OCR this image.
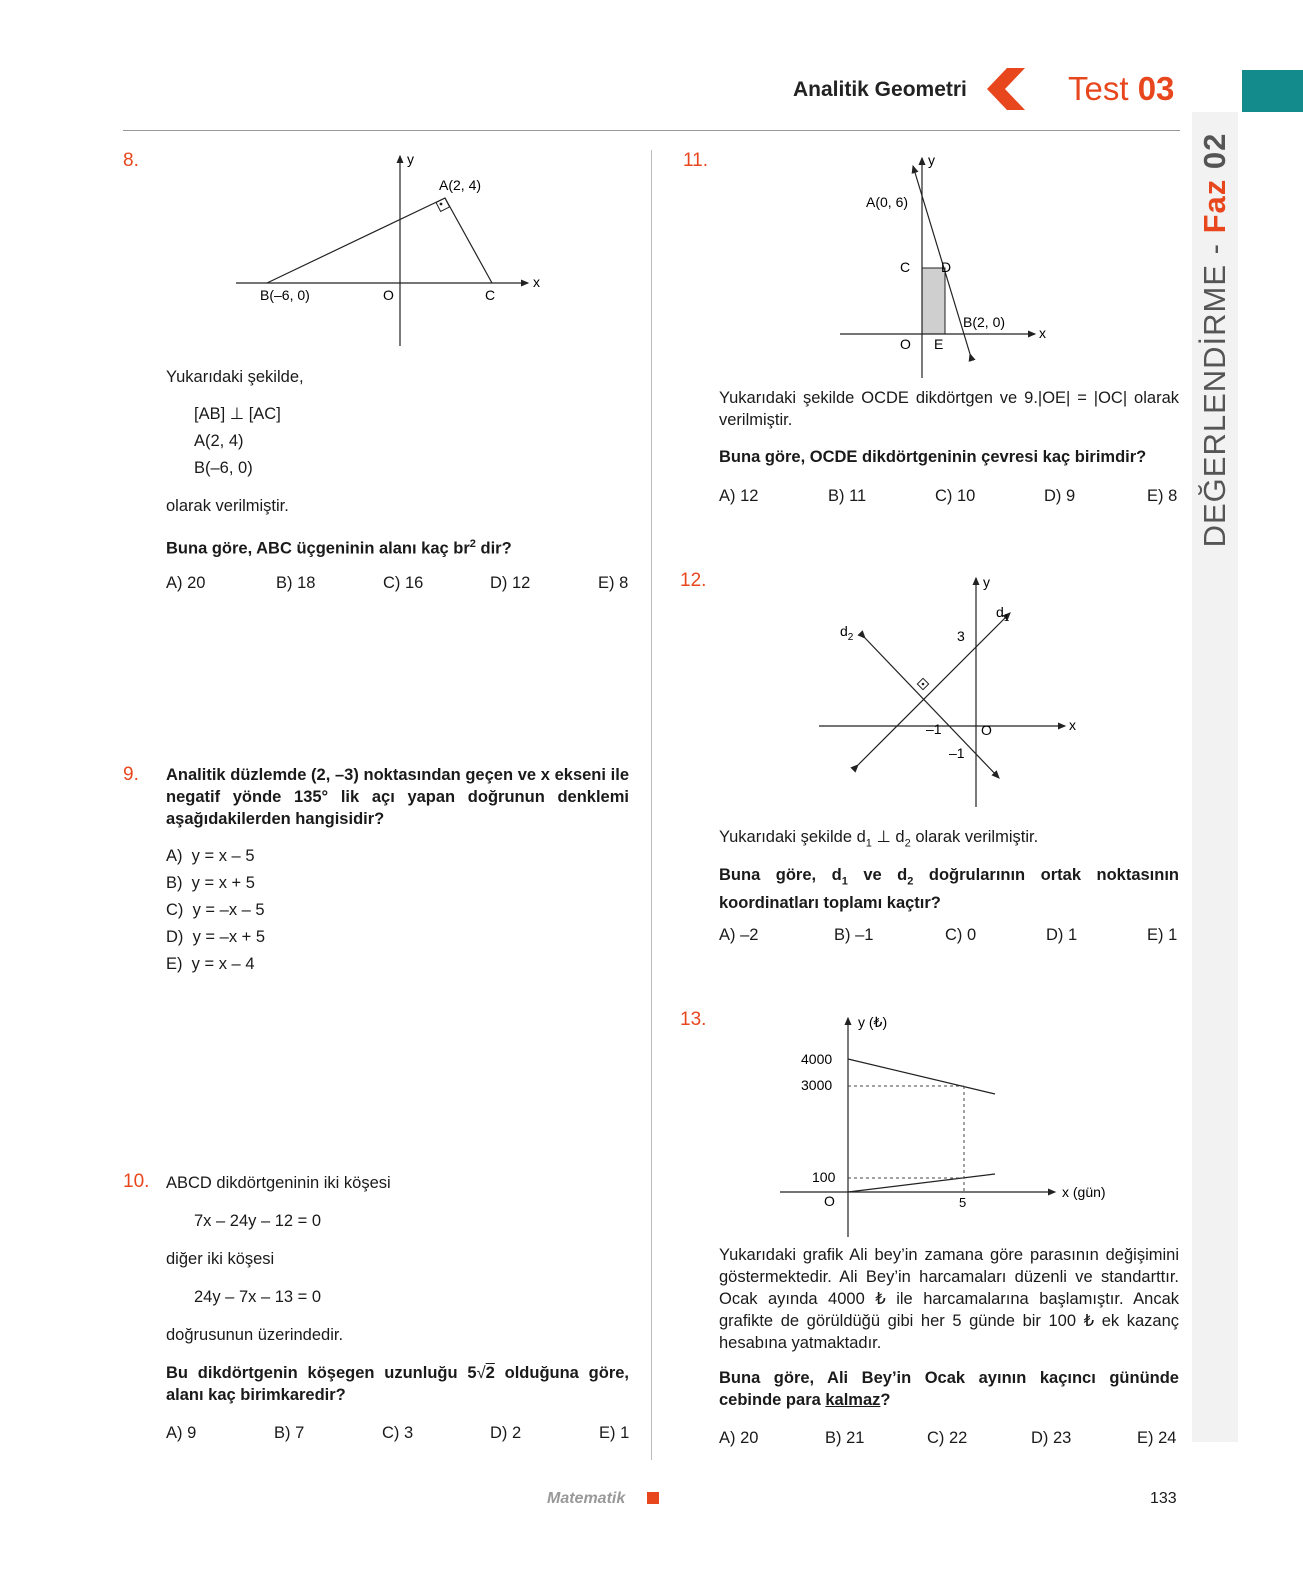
Analitik Geometri	Test 03
DEĞERLENDİRME - Faz 02
8.	y
x
A(2, 4)
B(–6, 0)	O	C
Yukarıdaki şekilde,
[AB] ⊥ [AC]
A(2, 4)
B(–6, 0)
olarak verilmiştir.
Buna göre, ABC üçgeninin alanı kaç $br^2$ dir?
A) 20	B) 18	C) 16	D) 12	E) 8
9. Analitik düzlemde (2, –3) noktasından geçen ve x ekseni ile negatif yönde 135° lik açı yapan doğrunun denklemi aşağıdakilerden hangisidir?
A) y = x – 5
B) y = x + 5
C) y = –x – 5
D) y = –x + 5
E) y = x – 4
10. ABCD dikdörtgeninin iki köşesi
7x – 24y – 12 = 0
diğer iki köşesi
24y – 7x – 13 = 0
doğrusunun üzerindedir.
Bu dikdörtgenin köşegen uzunluğu 5√2 olduğuna göre, alanı kaç birimkaredir?
A) 9	B) 7	C) 3	D) 2	E) 1
11.	y
A(0, 6)
C D
B(2, 0)
x
O E
Yukarıdaki şekilde OCDE dikdörtgen ve 9.|OE| = |OC| olarak verilmiştir.
Buna göre, OCDE dikdörtgeninin çevresi kaç birimdir?
A) 12	B) 11	C) 10	D) 9	E) 8
12.	y
x
$d_1$
$d_2$	3
–1	O
–1
Yukarıdaki şekilde $d_1$ ⊥ $d_2$ olarak verilmiştir.
Buna göre, $d_1$ ve $d_2$ doğrularının ortak noktasının koordinatları toplamı kaçtır?
A) –2	B) –1	C) 0	D) 1	E) 1
13.	y (₺)
x (gün)
4000
3000
100
O	5
Yukarıdaki grafik Ali bey’in zamana göre parasının değişimini göstermektedir. Ali Bey’in harcamaları düzenli ve standarttır. Ocak ayında 4000 ₺ ile harcamalarına başlamıştır. Ancak grafikte de görüldüğü gibi her 5 günde bir 100 ₺ ek kazanç hesabına yatmaktadır.
Buna göre, Ali Bey’in Ocak ayının kaçıncı gününde cebinde para kalmaz?
A) 20	B) 21	C) 22	D) 23	E) 24
Matematik	133
